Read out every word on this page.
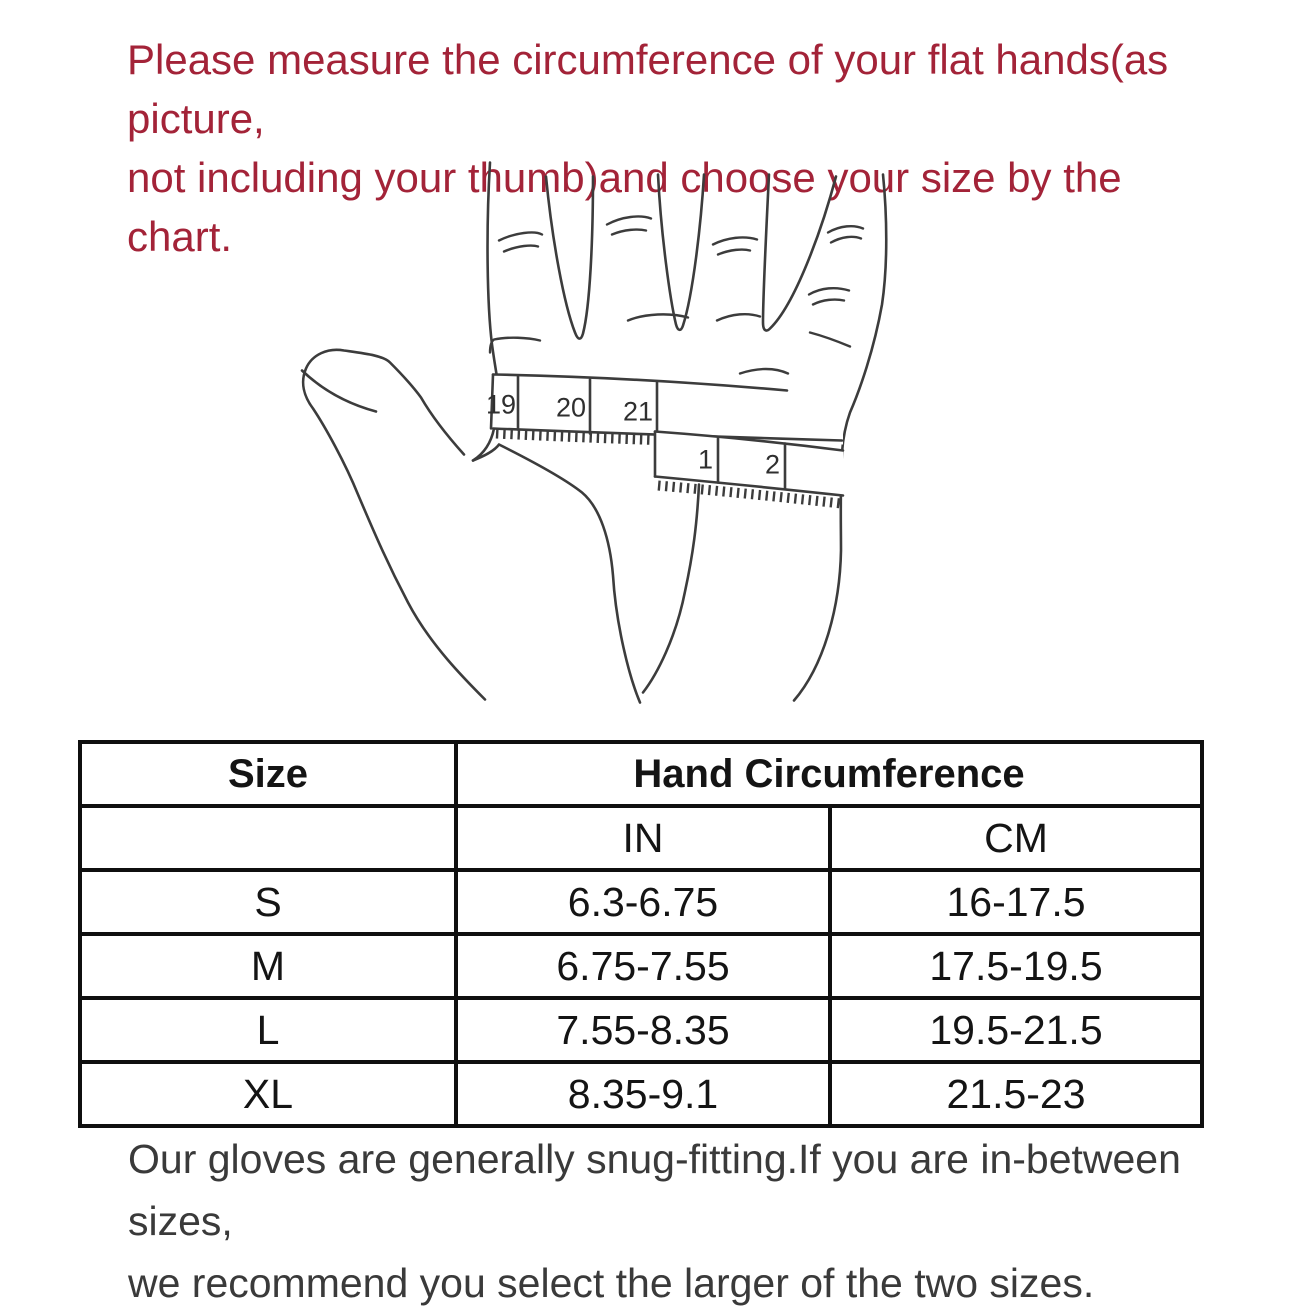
Please measure the circumference of your flat hands(as picture,
not including your thumb)and choose your size by the chart.
19 20 21
1 2
Size	Hand Circumference	
	IN	CM
S	6.3-6.75	16-17.5
M	6.75-7.55	17.5-19.5
L	7.55-8.35	19.5-21.5
XL	8.35-9.1	21.5-23
Our gloves are generally snug-fitting.If you are in-between sizes,
we recommend you select the larger of the two sizes.
